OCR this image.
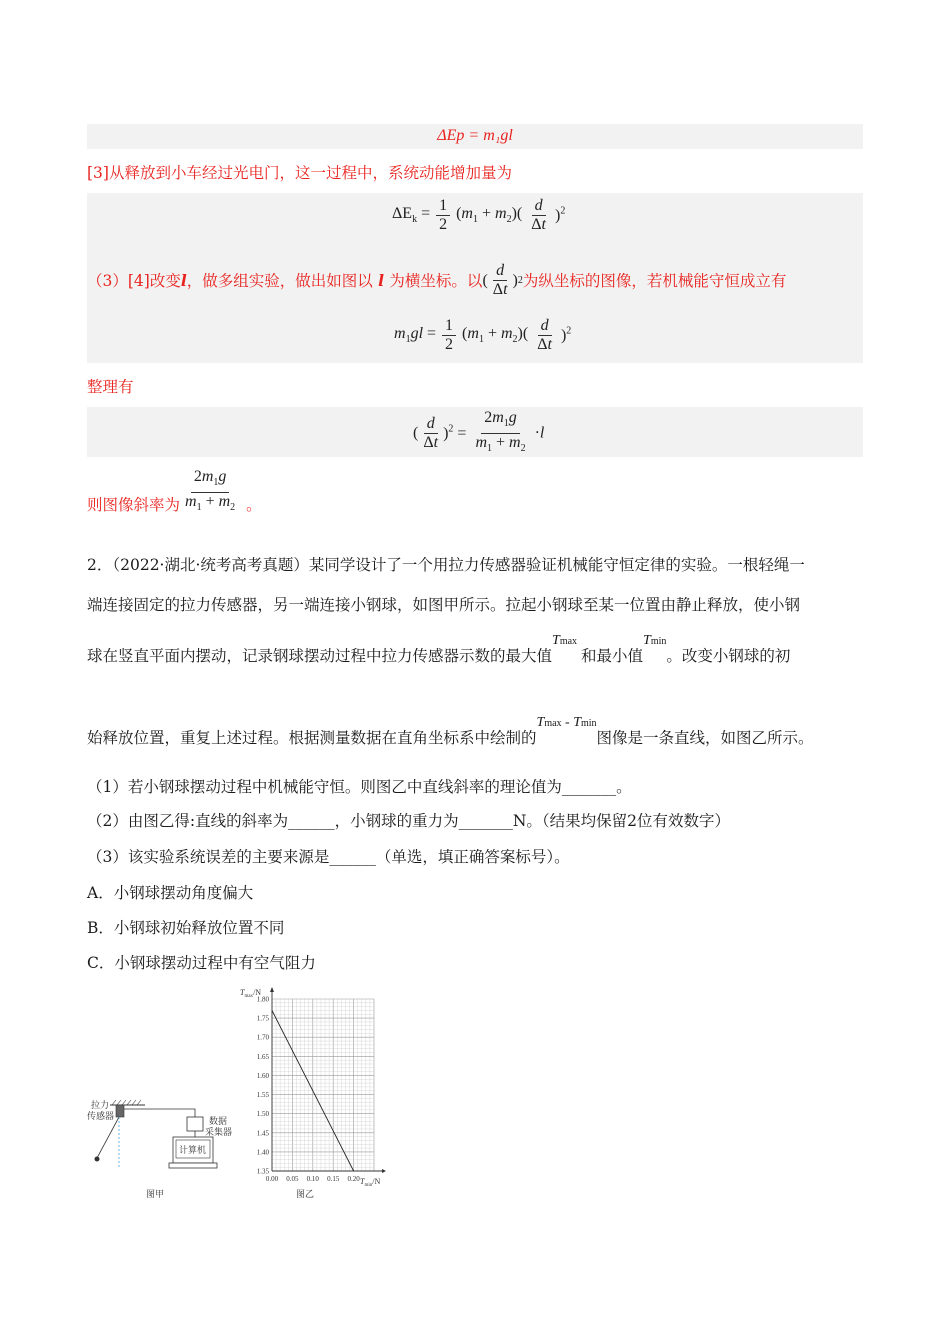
ΔEp = m₁gl
[3]从释放到小车经过光电门，这一过程中，系统动能增加量为
$\Delta E_k = \frac{1}{2} (m_1 + m_2)( \frac{d}{\Delta t} )^2$
（3）[4]改变 l ，做多组实验，做出如图以 l 为横坐标。以 ( $\frac{d}{\Delta t}$ ) 2 为纵坐标的图像，若机械能守恒成立有
$m_1gl = \frac{1}{2} (m_1 + m_2)( \frac{d}{\Delta t} )^2$
整理有
( $\frac{d}{\Delta t} )^2 = \frac{2m_1g}{m_1 + m_2} \cdot l$
则图像斜率为 $\frac{2m_1g}{m_1 + m_2}$ 。
2．（2022·湖北·统考高考真题）某同学设计了一个用拉力传感器验证机械能守恒定律的实验。一根轻绳一
端连接固定的拉力传感器，另一端连接小钢球，如图甲所示。拉起小钢球至某一位置由静止释放，使小钢
球在竖直平面内摆动，记录钢球摆动过程中拉力传感器示数的最大值
Tmax
和最小值
Tmin
。改变小钢球的初
始释放位置，重复上述过程。根据测量数据在直角坐标系中绘制的
Tmax - Tmin
图像是一条直线，如图乙所示。
（1）若小钢球摆动过程中机械能守恒。则图乙中直线斜率的理论值为_______。
（2）由图乙得:直线的斜率为______，小钢球的重力为_______N。（结果均保留2位有效数字）
（3）该实验系统误差的主要来源是______（单选，填正确答案标号）。
A．小钢球摆动角度偏大
B．小钢球初始释放位置不同
C．小钢球摆动过程中有空气阻力
拉力
传感器	数据
采集器
计算机
图甲
1.35
1.40
1.45
1.50
1.55
1.60
1.65
1.70
1.75
1.80
0.00 0.05 0.10 0.15 0.20
$T_{max}/N$
$T_{min}/N$
图乙
